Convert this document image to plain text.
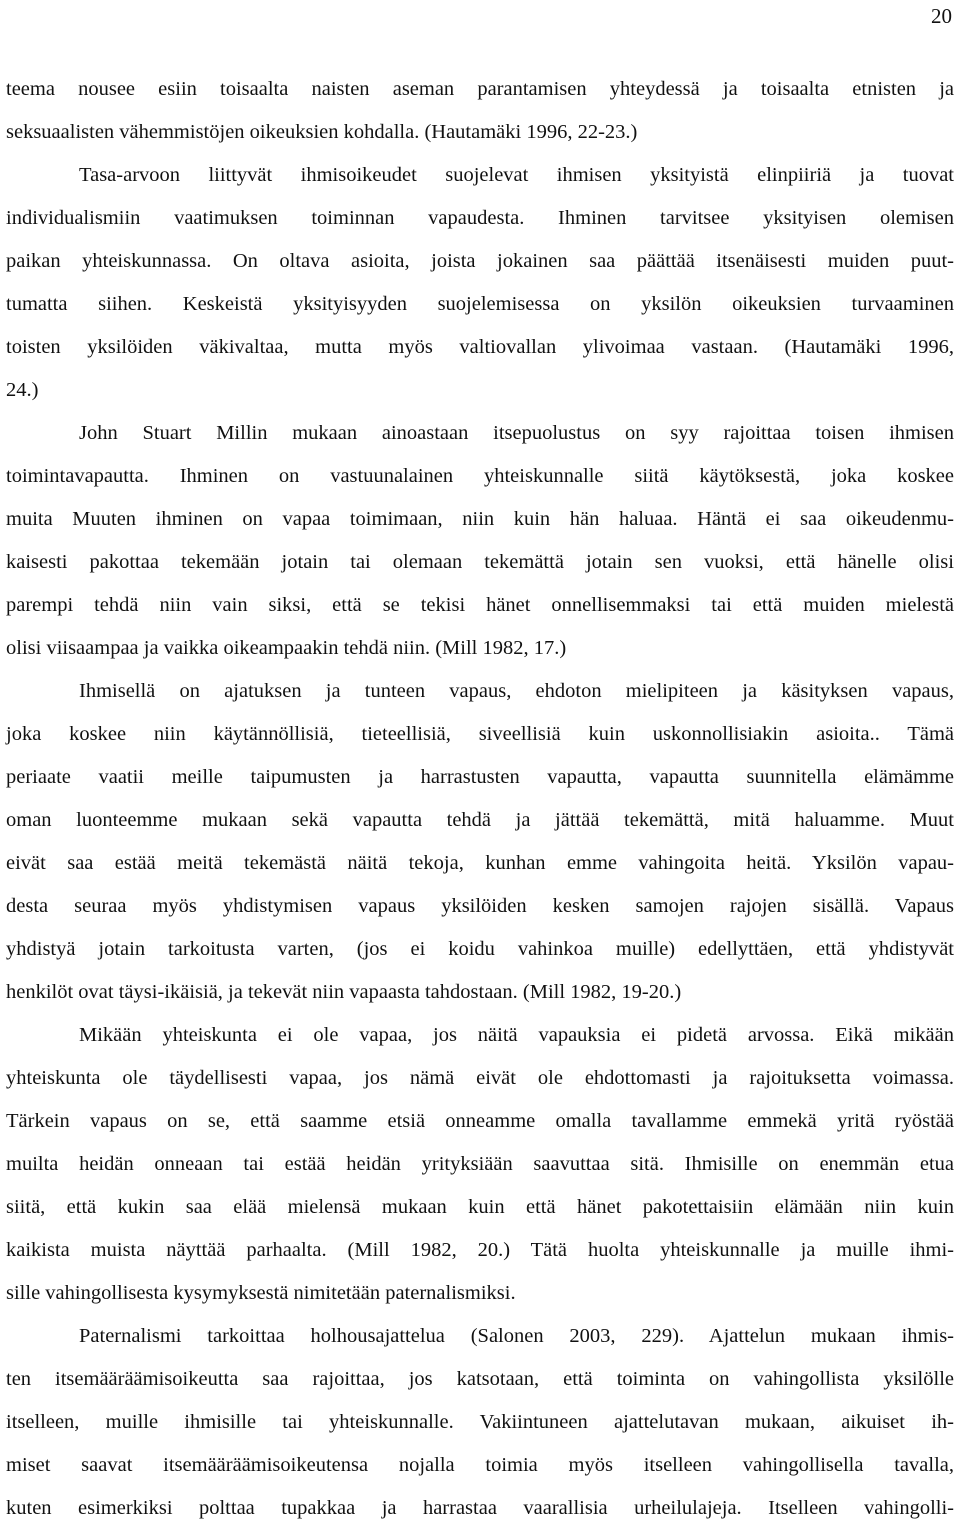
20
teema nousee esiin toisaalta naisten aseman parantamisen yhteydessä ja toisaalta etnisten ja
seksuaalisten vähemmistöjen oikeuksien kohdalla. (Hautamäki 1996, 22-23.)
Tasa-arvoon liittyvät ihmisoikeudet suojelevat ihmisen yksityistä elinpiiriä ja tuovat
individualismiin vaatimuksen toiminnan vapaudesta. Ihminen tarvitsee yksityisen olemisen
paikan yhteiskunnassa. On oltava asioita, joista jokainen saa päättää itsenäisesti muiden puut-
tumatta siihen. Keskeistä yksityisyyden suojelemisessa on yksilön oikeuksien turvaaminen
toisten yksilöiden väkivaltaa, mutta myös valtiovallan ylivoimaa vastaan. (Hautamäki 1996,
24.)
John Stuart Millin mukaan ainoastaan itsepuolustus on syy rajoittaa toisen ihmisen
toimintavapautta. Ihminen on vastuunalainen yhteiskunnalle siitä käytöksestä, joka koskee
muita Muuten ihminen on vapaa toimimaan, niin kuin hän haluaa. Häntä ei saa oikeudenmu-
kaisesti pakottaa tekemään jotain tai olemaan tekemättä jotain sen vuoksi, että hänelle olisi
parempi tehdä niin vain siksi, että se tekisi hänet onnellisemmaksi tai että muiden mielestä
olisi viisaampaa ja vaikka oikeampaakin tehdä niin. (Mill 1982, 17.)
Ihmisellä on ajatuksen ja tunteen vapaus, ehdoton mielipiteen ja käsityksen vapaus,
joka koskee niin käytännöllisiä, tieteellisiä, siveellisiä kuin uskonnollisiakin asioita.. Tämä
periaate vaatii meille taipumusten ja harrastusten vapautta, vapautta suunnitella elämämme
oman luonteemme mukaan sekä vapautta tehdä ja jättää tekemättä, mitä haluamme. Muut
eivät saa estää meitä tekemästä näitä tekoja, kunhan emme vahingoita heitä. Yksilön vapau-
desta seuraa myös yhdistymisen vapaus yksilöiden kesken samojen rajojen sisällä. Vapaus
yhdistyä jotain tarkoitusta varten, (jos ei koidu vahinkoa muille) edellyttäen, että yhdistyvät
henkilöt ovat täysi-ikäisiä, ja tekevät niin vapaasta tahdostaan. (Mill 1982, 19-20.)
Mikään yhteiskunta ei ole vapaa, jos näitä vapauksia ei pidetä arvossa. Eikä mikään
yhteiskunta ole täydellisesti vapaa, jos nämä eivät ole ehdottomasti ja rajoituksetta voimassa.
Tärkein vapaus on se, että saamme etsiä onneamme omalla tavallamme emmekä yritä ryöstää
muilta heidän onneaan tai estää heidän yrityksiään saavuttaa sitä. Ihmisille on enemmän etua
siitä, että kukin saa elää mielensä mukaan kuin että hänet pakotettaisiin elämään niin kuin
kaikista muista näyttää parhaalta. (Mill 1982, 20.) Tätä huolta yhteiskunnalle ja muille ihmi-
sille vahingollisesta kysymyksestä nimitetään paternalismiksi.
Paternalismi tarkoittaa holhousajattelua (Salonen 2003, 229). Ajattelun mukaan ihmis-
ten itsemääräämisoikeutta saa rajoittaa, jos katsotaan, että toiminta on vahingollista yksilölle
itselleen, muille ihmisille tai yhteiskunnalle. Vakiintuneen ajattelutavan mukaan, aikuiset ih-
miset saavat itsemääräämisoikeutensa nojalla toimia myös itselleen vahingollisella tavalla,
kuten esimerkiksi polttaa tupakkaa ja harrastaa vaarallisia urheilulajeja. Itselleen vahingolli-
